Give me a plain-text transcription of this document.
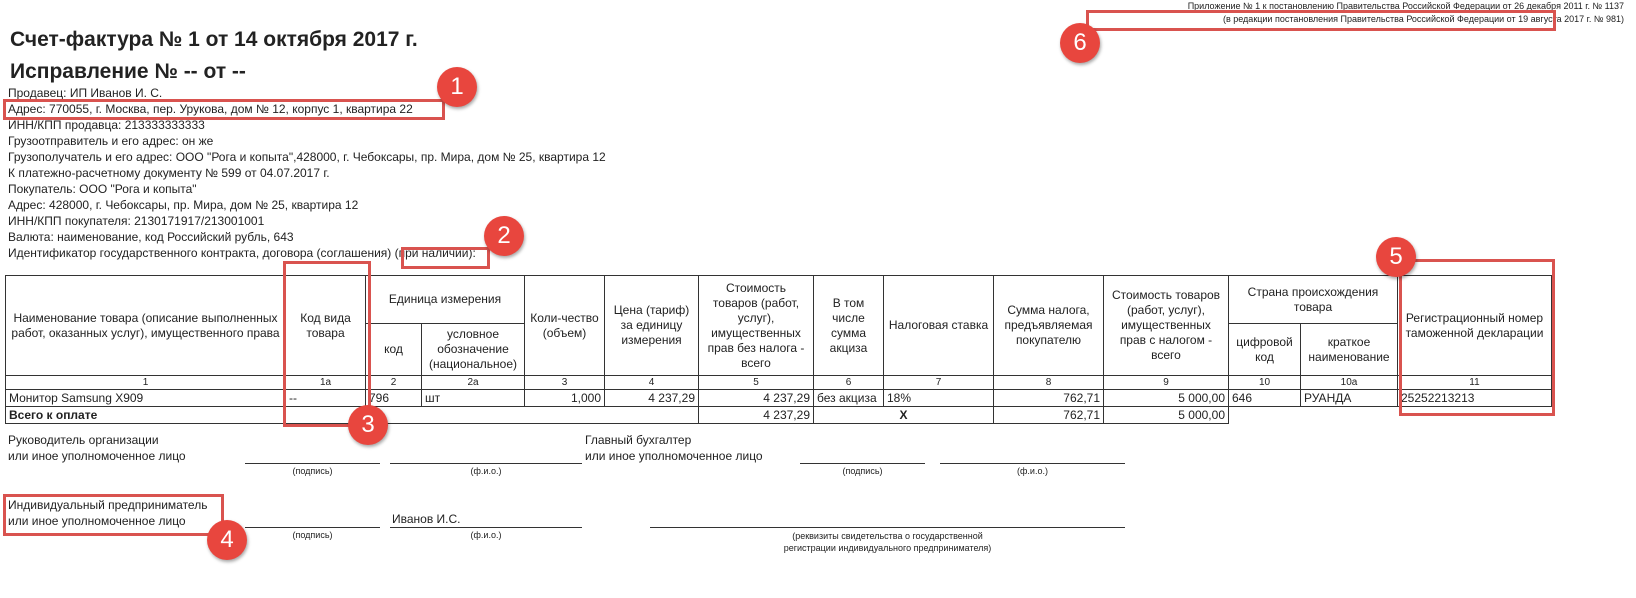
Приложение № 1 к постановлению Правительства Российской Федерации от 26 декабря 2011 г. № 1137
(в редакции постановления Правительства Российской Федерации от 19 августа 2017 г. № 981)
Счет-фактура № 1 от 14 октября 2017 г.
Исправление № -- от --
Продавец: ИП Иванов И. С.
Адрес: 770055, г. Москва, пер. Урукова, дом № 12, корпус 1, квартира 22
ИНН/КПП продавца: 213333333333
Грузоотправитель и его адрес: он же
Грузополучатель и его адрес: ООО "Рога и копыта",428000, г. Чебоксары, пр. Мира, дом № 25, квартира 12
К платежно-расчетному документу № 599 от 04.07.2017 г.
Покупатель: ООО "Рога и копыта"
Адрес: 428000, г. Чебоксары, пр. Мира, дом № 25, квартира 12
ИНН/КПП покупателя: 2130171917/213001001
Валюта: наименование, код Российский рубль, 643
Идентификатор государственного контракта, договора (соглашения) (при наличии):
Наименование товара (описание выполненных работ, оказанных услуг), имущественного права	Код вида товара	Единица измерения		Коли-чество (объем)	Цена (тариф) за единицу измерения	Стоимость товаров (работ, услуг), имущественных прав без налога - всего	В том числе сумма акциза	Налоговая ставка	Сумма налога, предъявляемая покупателю	Стоимость товаров (работ, услуг), имущественных прав с налогом - всего	Страна происхождения товара		Регистрационный номер таможенной декларации
		код	условное обозначение (национальное)								цифровой код	краткое наименование	
1	1а	2	2а	3	4	5	6	7	8	9	10	10а	11
Монитор Samsung X909	--	796	шт	1,000	4 237,29	4 237,29	без акциза	18%	762,71	5 000,00	646	РУАНДА	25252213213
Всего к оплате						4 237,29	Х		762,71	5 000,00			
Руководитель организации
или иное уполномоченное лицо
(подпись)	(ф.и.о.)
Главный бухгалтер
или иное уполномоченное лицо
(подпись)	(ф.и.о.)
Индивидуальный предприниматель
или иное уполномоченное лицо
(подпись)
Иванов И.С.
(ф.и.о.)	(реквизиты свидетельства о государственной
регистрации индивидуального предпринимателя)
1
2
3
4
5
6
